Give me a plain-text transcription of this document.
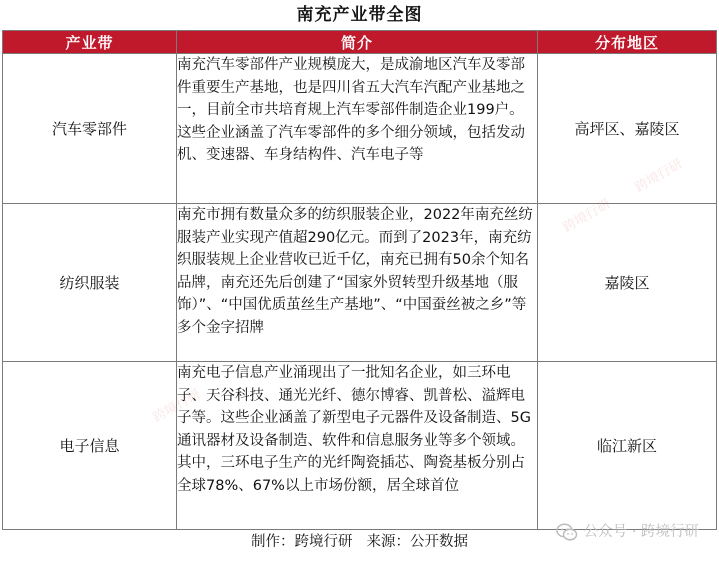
南充产业带全图
产业带	简介	分布地区
汽车零部件	南充汽车零部件产业规模庞大，是成渝地区汽车及零部件重要生产基地，也是四川省五大汽车汽配产业基地之一，目前全市共培育规上汽车零部件制造企业199户。这些企业涵盖了汽车零部件的多个细分领域，包括发动机、变速器、车身结构件、汽车电子等	高坪区、嘉陵区
纺织服装	南充市拥有数量众多的纺织服装企业，2022年南充丝纺服装产业实现产值超290亿元。而到了2023年，南充纺织服装规上企业营收已近千亿，南充已拥有50余个知名品牌，南充还先后创建了“国家外贸转型升级基地（服饰）”、“中国优质茧丝生产基地”、“中国蚕丝被之乡”等多个金字招牌	嘉陵区
电子信息	南充电子信息产业涌现出了一批知名企业，如三环电子、天谷科技、通光光纤、德尔博睿、凯普松、溢辉电子等。这些企业涵盖了新型电子元器件及设备制造、5G通讯器材及设备制造、软件和信息服务业等多个领域。其中，三环电子生产的光纤陶瓷插芯、陶瓷基板分别占全球78%、67%以上市场份额，居全球首位	临江新区
跨境行研
跨境行研
跨境行研
制作：跨境行研 来源：公开数据
公众号 · 跨境行研
